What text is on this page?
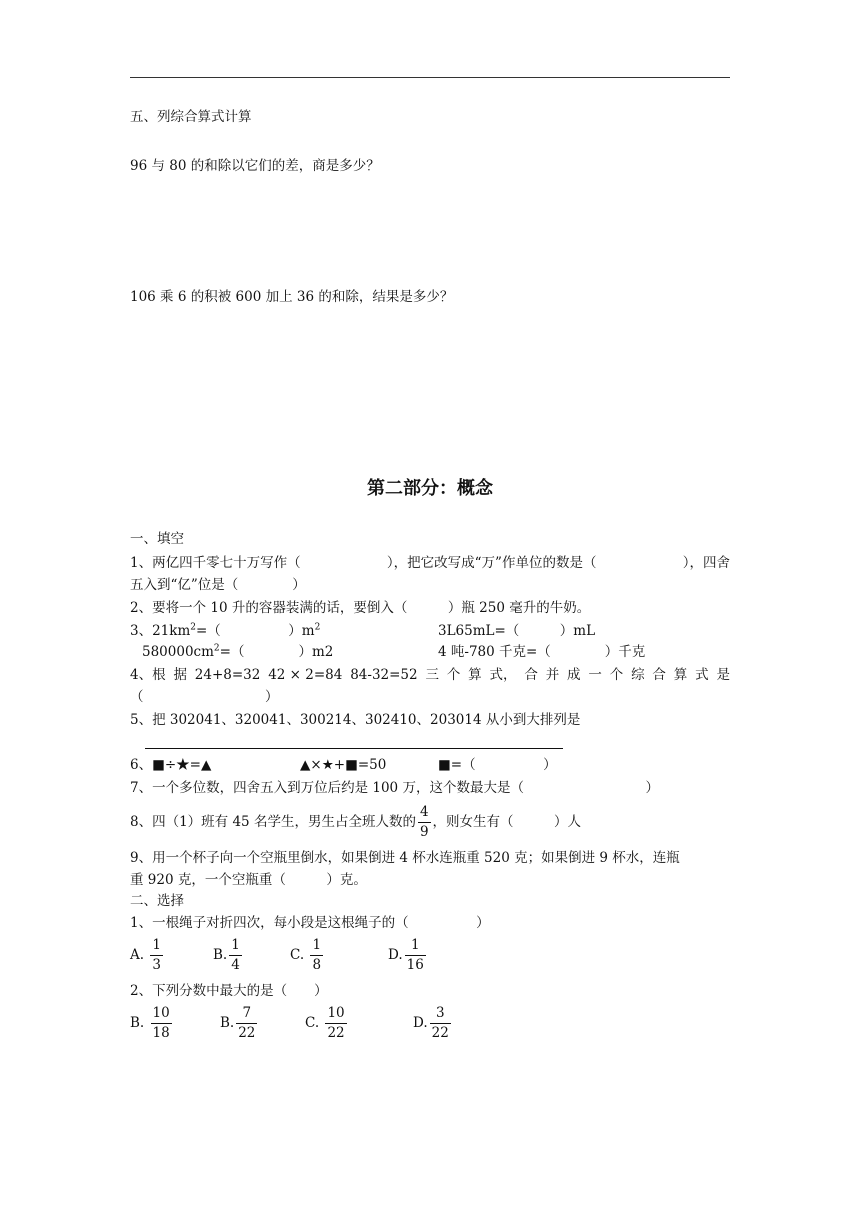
五、列综合算式计算
96 与 80 的和除以它们的差，商是多少？
106 乘 6 的积被 600 加上 36 的和除，结果是多少？
第二部分：概念
一、填空
1、两亿四千零七十万写作（	），把它改写成“万”作单位的数是（	），四舍
五入到“亿”位是（　　　　）
2、要将一个 10 升的容器装满的话，要倒入（　　　）瓶 250 毫升的牛奶。
3、$21km^2=$（　　　　　）$m^2$	3L65mL=（　　　）mL
$580000cm^2=$（　　　　）m2	4 吨-780 千克=（　　　　）千克
4、根 据 24+8=32 42 × 2=84 84-32=52 三 个 算 式， 合 并 成 一 个 综 合 算 式 是
（　　　　　　　　　）
5、把 302041、320041、300214、302410、203014 从小到大排列是
6、■÷★=▲	▲×★+■=50	■=（　　　　　）
7、一个多位数，四舍五入到万位后约是 100 万，这个数最大是（　　　　　　　　　）
8、四（1）班有 45 名学生，男生占全班人数的 $\frac{4}{9}$ ，则女生有（　　　）人
9、用一个杯子向一个空瓶里倒水，如果倒进 4 杯水连瓶重 520 克；如果倒进 9 杯水，连瓶
重 920 克，一个空瓶重（　　　）克。
二、选择
1、一根绳子对折四次，每小段是这根绳子的（　　　　　）
A. $\frac{1}{3}$	B. $\frac{1}{4}$	C. $\frac{1}{8}$	D. $\frac{1}{16}$
2、下列分数中最大的是（　　）
B. $\frac{10}{18}$	B. $\frac{7}{22}$	C. $\frac{10}{22}$	D. $\frac{3}{22}$
